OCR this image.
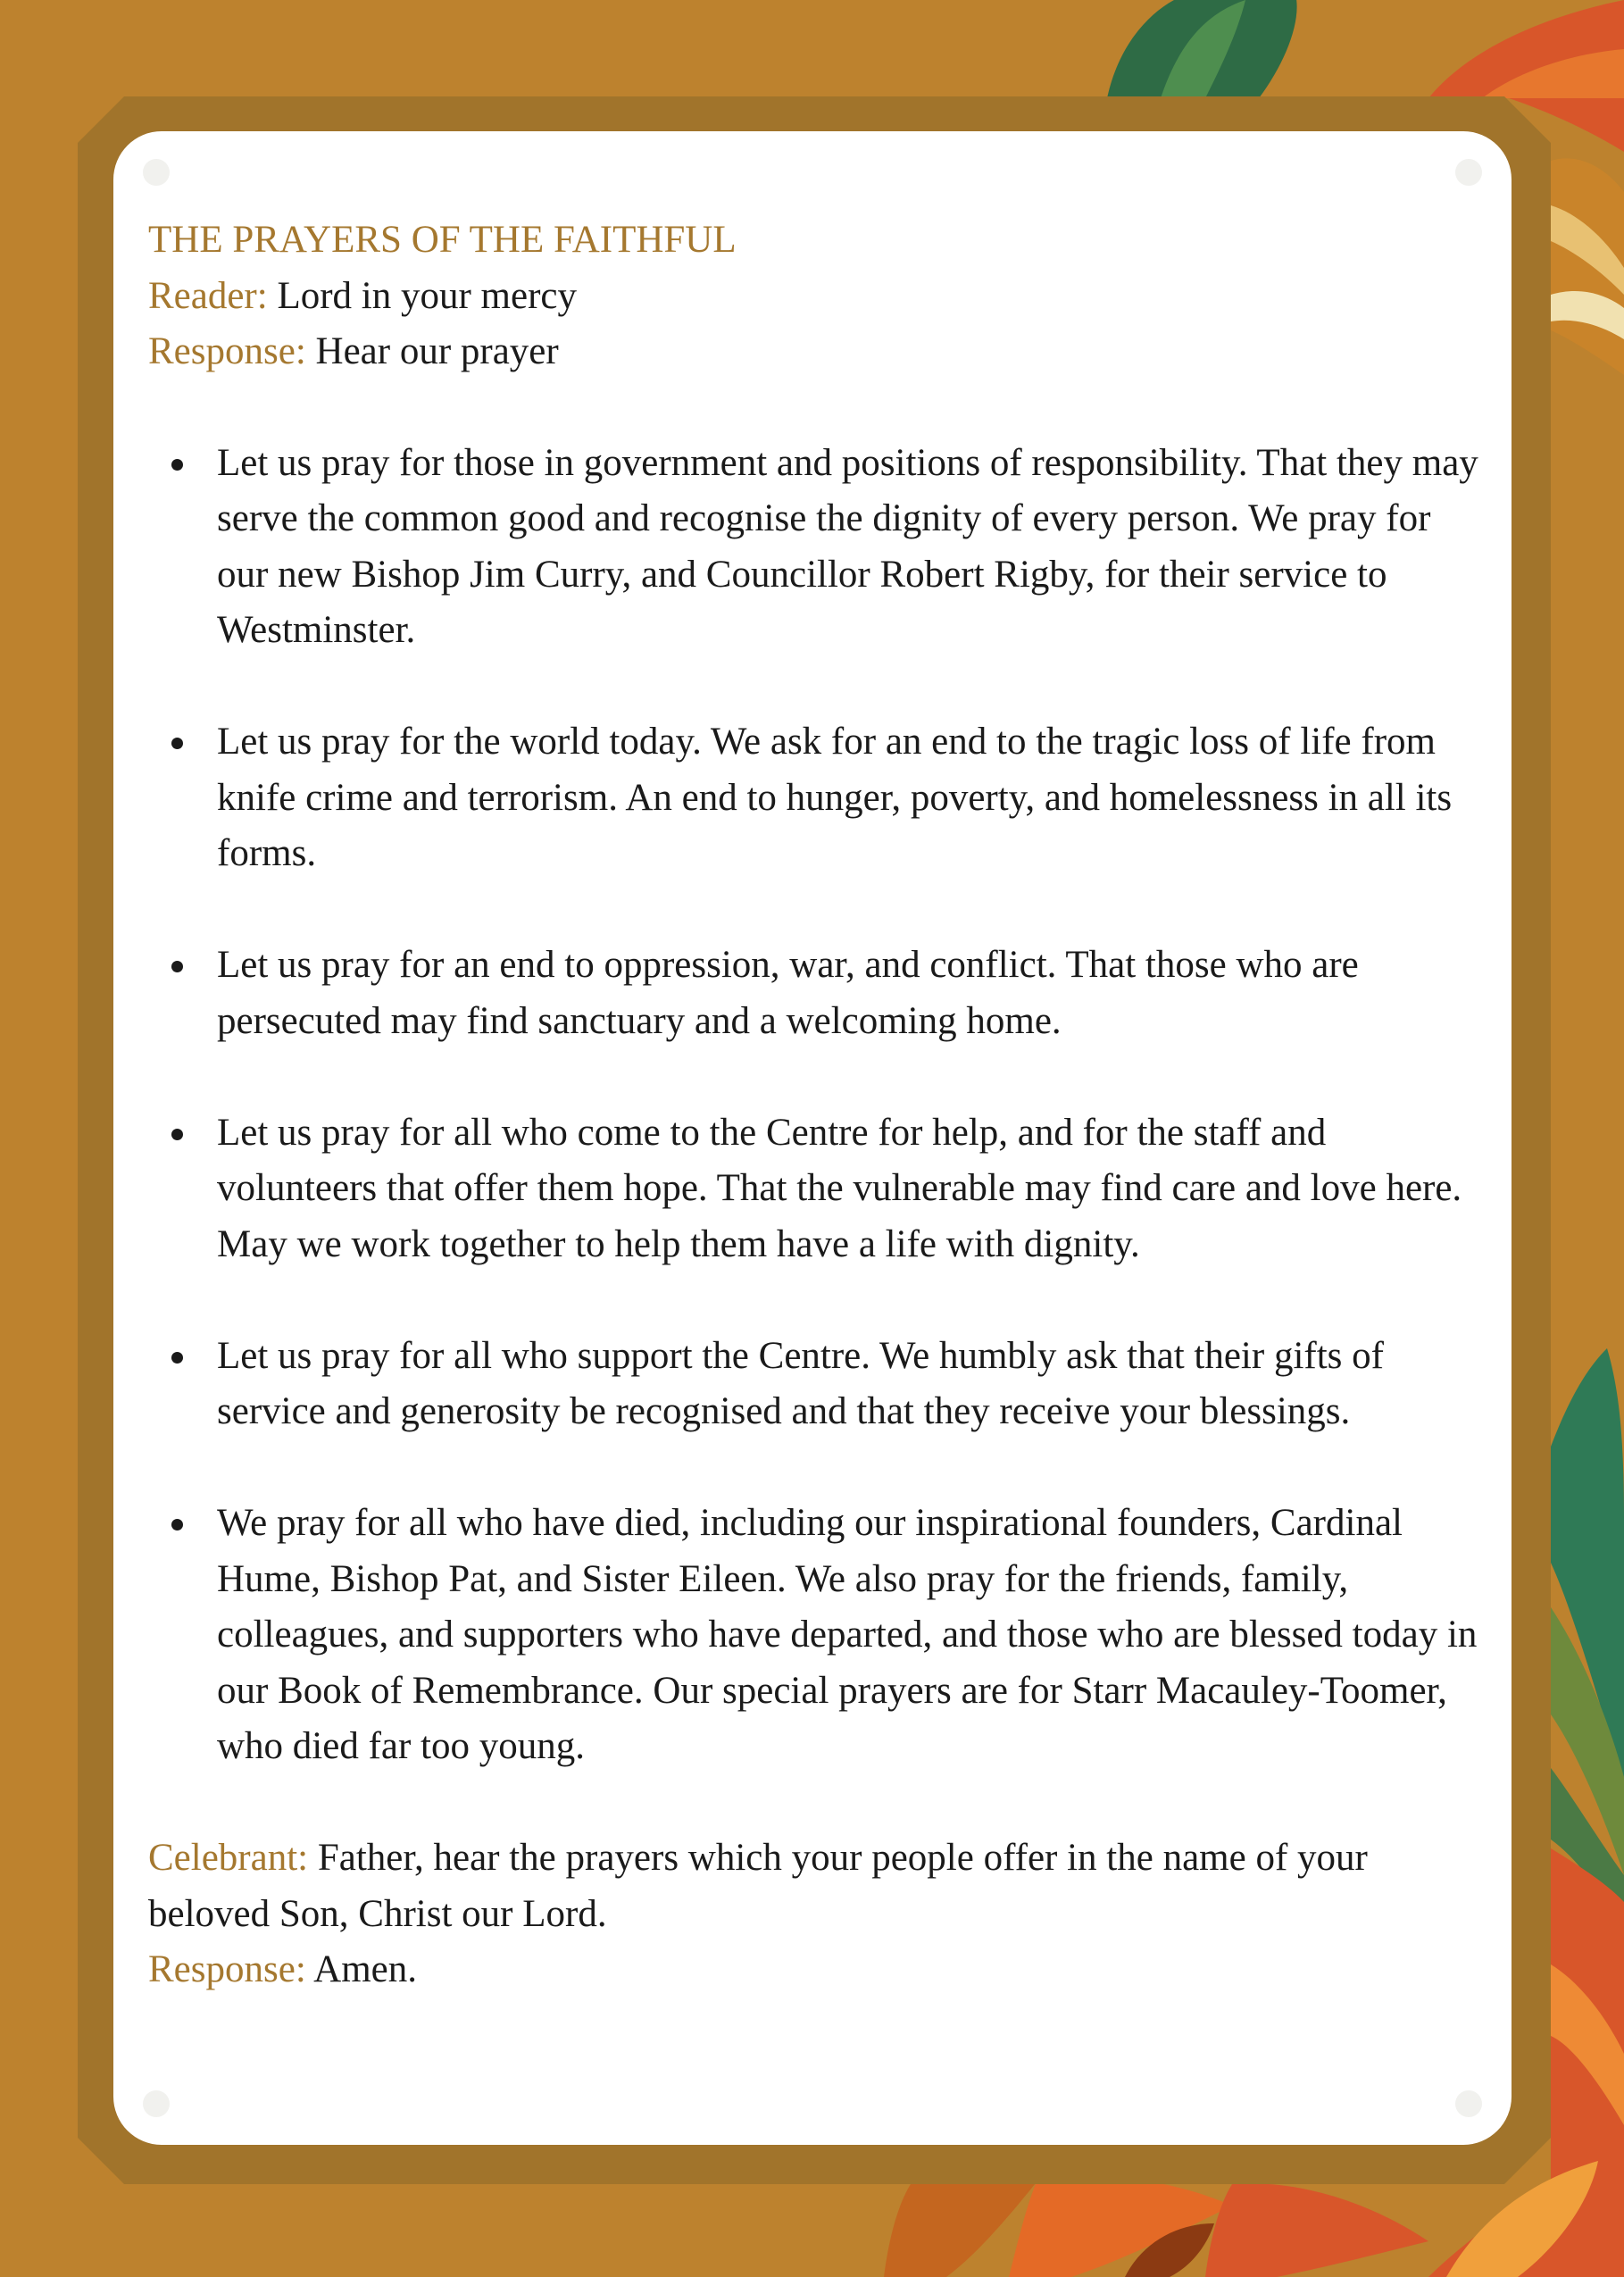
THE PRAYERS OF THE FAITHFUL

Reader: Lord in your mercy

Response: Hear our prayer

Let us pray for those in government and positions of responsibility. That they may serve the common good and recognise the dignity of every person. We pray for our new Bishop Jim Curry, and Councillor Robert Rigby, for their service to Westminster.
Let us pray for the world today. We ask for an end to the tragic loss of life from knife crime and terrorism. An end to hunger, poverty, and homelessness in all its forms.
Let us pray for an end to oppression, war, and conflict. That those who are persecuted may find sanctuary and a welcoming home.
Let us pray for all who come to the Centre for help, and for the staff and volunteers that offer them hope. That the vulnerable may find care and love here. May we work together to help them have a life with dignity.
Let us pray for all who support the Centre. We humbly ask that their gifts of service and generosity be recognised and that they receive your blessings.
We pray for all who have died, including our inspirational founders, Cardinal Hume, Bishop Pat, and Sister Eileen. We also pray for the friends, family, colleagues, and supporters who have departed, and those who are blessed today in our Book of Remembrance. Our special prayers are for Starr Macauley-Toomer, who died far too young.

Celebrant: Father, hear the prayers which your people offer in the name of your beloved Son, Christ our Lord.

Response: Amen.
